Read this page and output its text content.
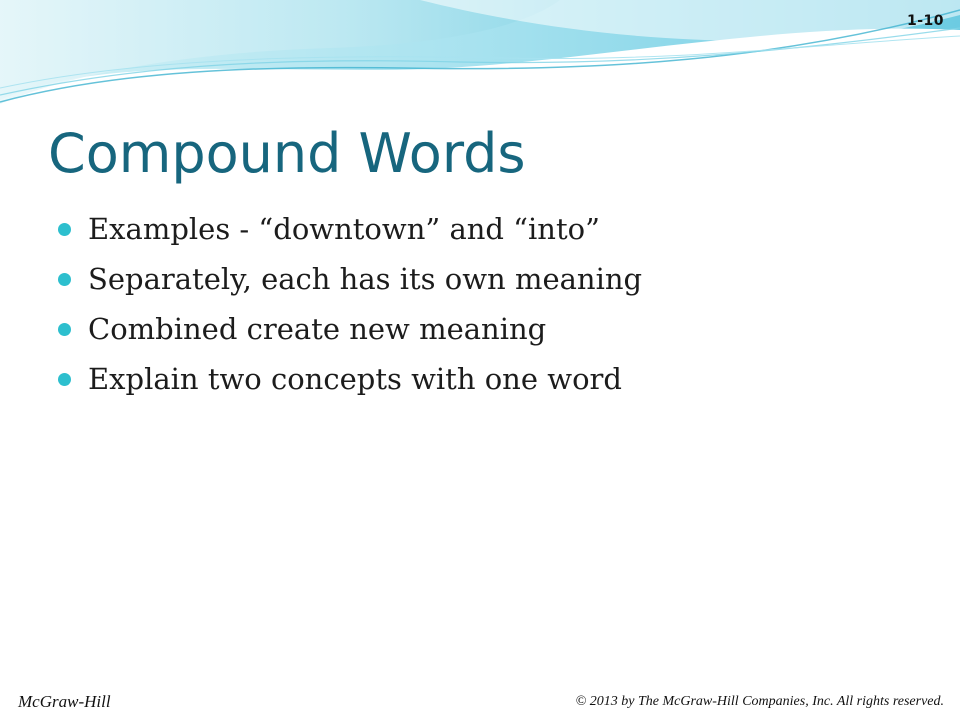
1-10
Compound Words
Examples - “downtown” and “into”
Separately, each has its own meaning
Combined create new meaning
Explain two concepts with one word
McGraw-Hill	© 2013 by The McGraw-Hill Companies, Inc. All rights reserved.
